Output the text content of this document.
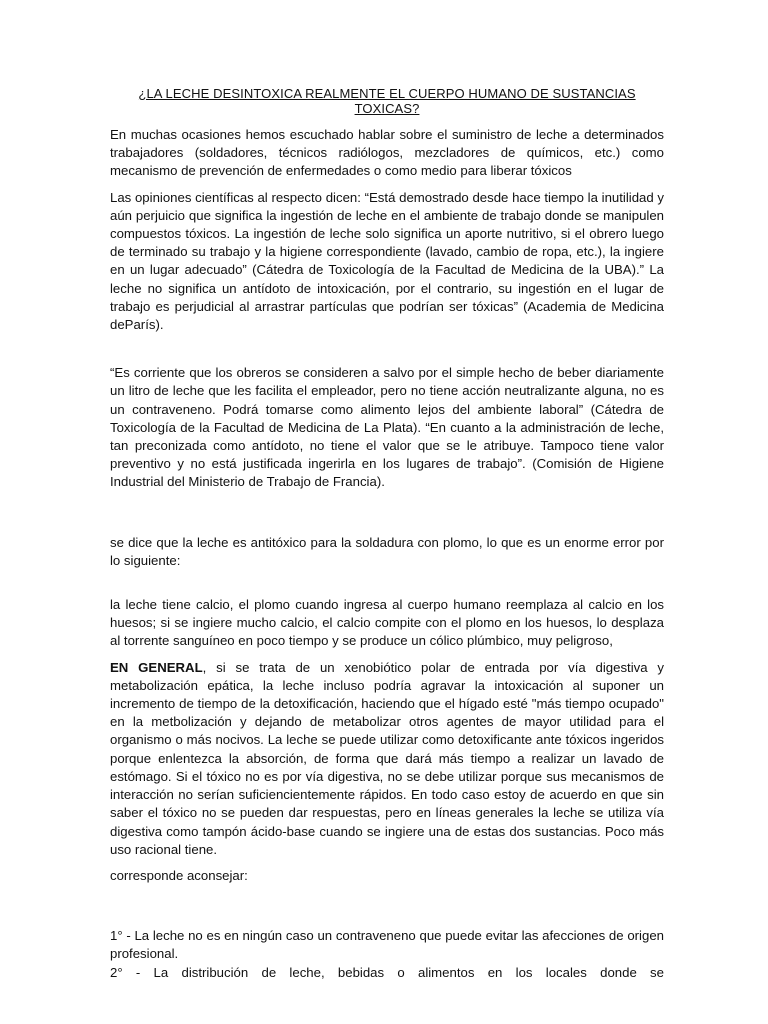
¿LA LECHE DESINTOXICA REALMENTE EL CUERPO HUMANO DE SUSTANCIAS TOXICAS?

En muchas ocasiones hemos escuchado hablar sobre el suministro de leche a determinados trabajadores (soldadores, técnicos radiólogos, mezcladores de químicos, etc.) como mecanismo de prevención de enfermedades o como medio para liberar tóxicos

Las opiniones científicas al respecto dicen: “Está demostrado desde hace tiempo la inutilidad y aún perjuicio que significa la ingestión de leche en el ambiente de trabajo donde se manipulen compuestos tóxicos. La ingestión de leche solo significa un aporte nutritivo, si el obrero luego de terminado su trabajo y la higiene correspondiente (lavado, cambio de ropa, etc.), la ingiere en un lugar adecuado” (Cátedra de Toxicología de la Facultad de Medicina de la UBA).” La leche no significa un antídoto de intoxicación, por el contrario, su ingestión en el lugar de trabajo es perjudicial al arrastrar partículas que podrían ser tóxicas” (Academia de Medicina deParís).

“Es corriente que los obreros se consideren a salvo por el simple hecho de beber diariamente un litro de leche que les facilita el empleador, pero no tiene acción neutralizante alguna, no es un contraveneno. Podrá tomarse como alimento lejos del ambiente laboral” (Cátedra de Toxicología de la Facultad de Medicina de La Plata). “En cuanto a la administración de leche, tan preconizada como antídoto, no tiene el valor que se le atribuye. Tampoco tiene valor preventivo y no está justificada ingerirla en los lugares de trabajo”. (Comisión de Higiene Industrial del Ministerio de Trabajo de Francia).

se dice que la leche es antitóxico para la soldadura con plomo, lo que es un enorme error por lo siguiente:

la leche tiene calcio, el plomo cuando ingresa al cuerpo humano reemplaza al calcio en los huesos; si se ingiere mucho calcio, el calcio compite con el plomo en los huesos, lo desplaza al torrente sanguíneo en poco tiempo y se produce un cólico plúmbico, muy peligroso,

EN GENERAL, si se trata de un xenobiótico polar de entrada por vía digestiva y metabolización epática, la leche incluso podría agravar la intoxicación al suponer un incremento de tiempo de la detoxificación, haciendo que el hígado esté "más tiempo ocupado" en la metbolización y dejando de metabolizar otros agentes de mayor utilidad para el organismo o más nocivos. La leche se puede utilizar como detoxificante ante tóxicos ingeridos porque enlentezca la absorción, de forma que dará más tiempo a realizar un lavado de estómago. Si el tóxico no es por vía digestiva, no se debe utilizar porque sus mecanismos de interacción no serían suficiencientemente rápidos. En todo caso estoy de acuerdo en que sin saber el tóxico no se pueden dar respuestas, pero en líneas generales la leche se utiliza vía digestiva como tampón ácido-base cuando se ingiere una de estas dos sustancias. Poco más uso racional tiene.

corresponde aconsejar:

1° - La leche no es en ningún caso un contraveneno que puede evitar las afecciones de origen profesional.

2° - La distribución de leche, bebidas o alimentos en los locales donde se
